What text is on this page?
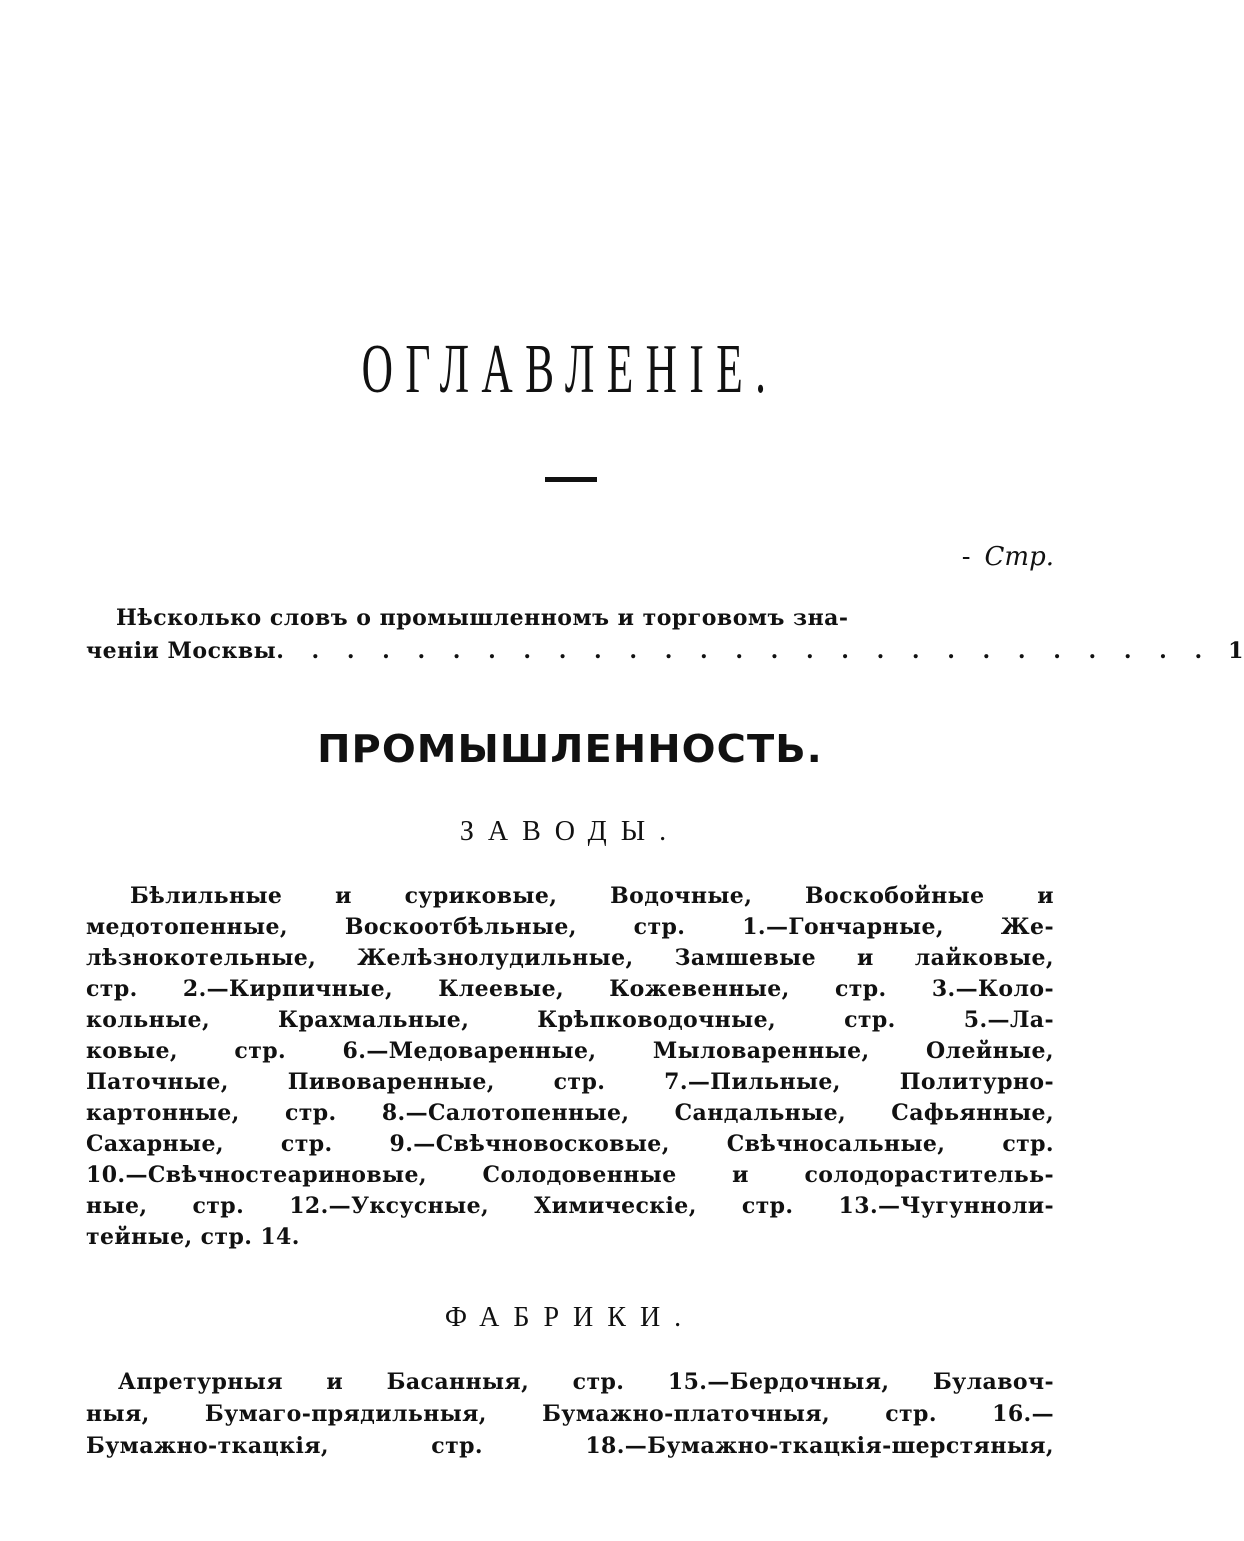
ОГЛАВЛЕНІЕ.
- Стр.
Нѣсколько словъ о промышленномъ и торговомъ зна-
ченіи Москвы . . . . . . . . . . . . . . . . . . . . . . . . . . . 1
ПРОМЫШЛЕННОСТЬ.
ЗАВОДЫ.
Бѣлильные и суриковые, Водочные, Воскобойные и
медотопенные, Воскоотбѣльные, стр. 1.—Гончарные, Же-
лѣзнокотельные, Желѣзнолудильные, Замшевые и лайковые,
стр. 2.—Кирпичные, Клеевые, Кожевенные, стр. 3.—Коло-
кольные, Крахмальные, Крѣпководочные, стр. 5.—Ла-
ковые, стр. 6.—Медоваренные, Мыловаренные, Олейные,
Паточные, Пивоваренные, стр. 7.—Пильные, Политурно-
картонные, стр. 8.—Салотопенные, Сандальные, Сафьянные,
Сахарные, стр. 9.—Свѣчновосковые, Свѣчносальные, стр.
10.—Свѣчностеариновые, Солодовенные и солодорастительь-
ные, стр. 12.—Уксусные, Химическіе, стр. 13.—Чугунноли-
тейные, стр. 14.
ФАБРИКИ.
Апретурныя и Басанныя, стр. 15.—Бердочныя, Булавоч-
ныя, Бумаго-прядильныя, Бумажно-платочныя, стр. 16.—
Бумажно-ткацкія, стр. 18.—Бумажно-ткацкія-шерстяныя,
